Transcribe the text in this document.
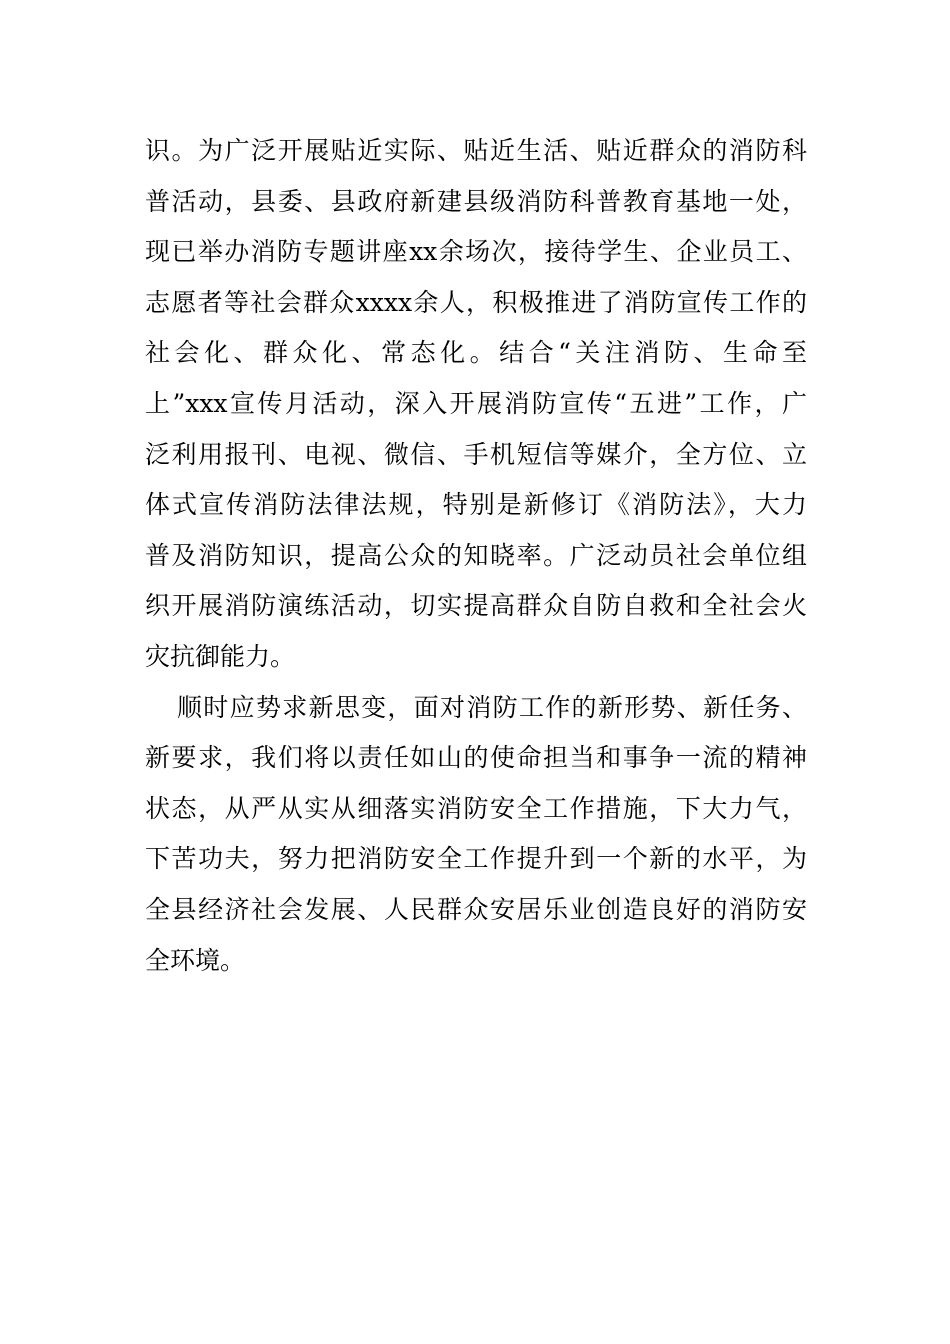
识。为广泛开展贴近实际、贴近生活、贴近群众的消防科
普活动，县委、县政府新建县级消防科普教育基地一处，
现已举办消防专题讲座xx余场次，接待学生、企业员工、
志愿者等社会群众xxxx余人，积极推进了消防宣传工作的
社会化、群众化、常态化。结合“关注消防、生命至
上”xxx宣传月活动，深入开展消防宣传“五进”工作，广
泛利用报刊、电视、微信、手机短信等媒介，全方位、立
体式宣传消防法律法规，特别是新修订《消防法》，大力
普及消防知识，提高公众的知晓率。广泛动员社会单位组
织开展消防演练活动，切实提高群众自防自救和全社会火
灾抗御能力。
顺时应势求新思变，面对消防工作的新形势、新任务、
新要求，我们将以责任如山的使命担当和事争一流的精神
状态，从严从实从细落实消防安全工作措施，下大力气，
下苦功夫，努力把消防安全工作提升到一个新的水平，为
全县经济社会发展、人民群众安居乐业创造良好的消防安
全环境。
